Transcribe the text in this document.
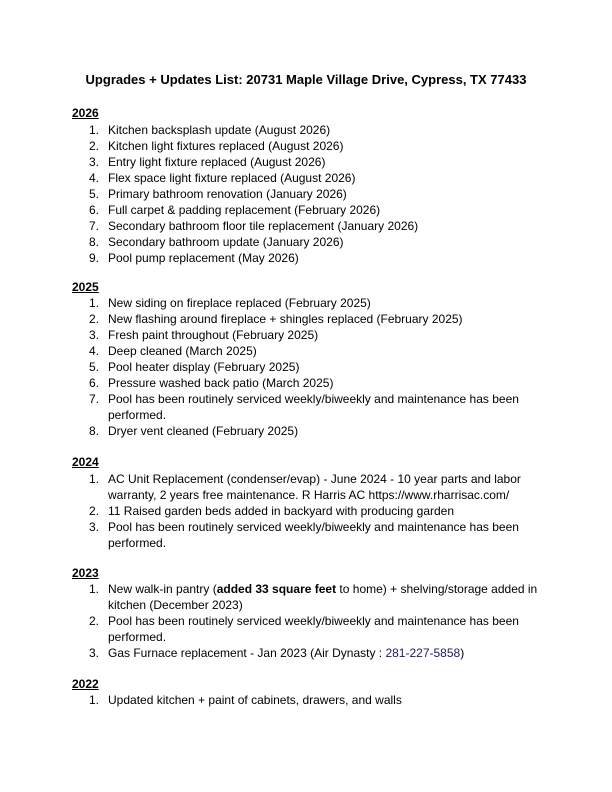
Upgrades + Updates List: 20731 Maple Village Drive, Cypress, TX 77433
2026
1. Kitchen backsplash update (August 2026)
2. Kitchen light fixtures replaced (August 2026)
3. Entry light fixture replaced (August 2026)
4. Flex space light fixture replaced (August 2026)
5. Primary bathroom renovation (January 2026)
6. Full carpet & padding replacement (February 2026)
7. Secondary bathroom floor tile replacement (January 2026)
8. Secondary bathroom update (January 2026)
9. Pool pump replacement (May 2026)
2025
1. New siding on fireplace replaced (February 2025)
2. New flashing around fireplace + shingles replaced (February 2025)
3. Fresh paint throughout (February 2025)
4. Deep cleaned (March 2025)
5. Pool heater display (February 2025)
6. Pressure washed back patio (March 2025)
7. Pool has been routinely serviced weekly/biweekly and maintenance has been performed.
8. Dryer vent cleaned (February 2025)
2024
1. AC Unit Replacement (condenser/evap) - June 2024 - 10 year parts and labor warranty, 2 years free maintenance. R Harris AC https://www.rharrisac.com/
2. 11 Raised garden beds added in backyard with producing garden
3. Pool has been routinely serviced weekly/biweekly and maintenance has been performed.
2023
1. New walk-in pantry (added 33 square feet to home) + shelving/storage added in kitchen (December 2023)
2. Pool has been routinely serviced weekly/biweekly and maintenance has been performed.
3. Gas Furnace replacement - Jan 2023 (Air Dynasty : 281-227-5858)
2022
1. Updated kitchen + paint of cabinets, drawers, and walls
